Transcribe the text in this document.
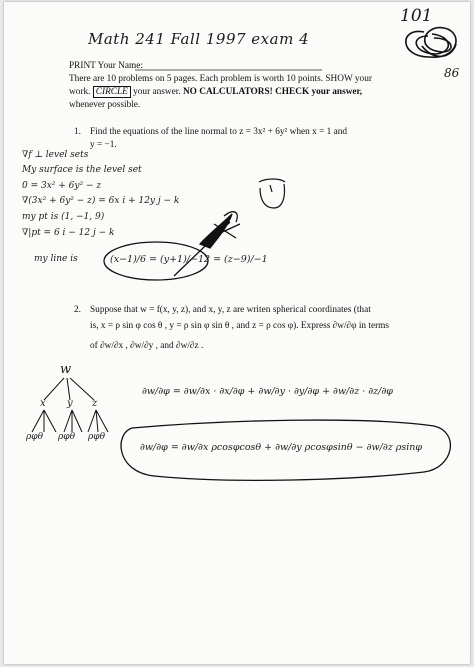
Math 241 Fall 1997 exam 4
101
86
PRINT Your Name:
There are 10 problems on 5 pages. Each problem is worth 10 points. SHOW your
work. CIRCLE your answer. NO CALCULATORS! CHECK your answer,
whenever possible.
1. Find the equations of the line normal to z = 3x² + 6y² when x = 1 and
y = −1.
∇f ⊥ level sets
My surface is the level set
0 = 3x² + 6y² − z
∇(3x² + 6y² − z) = 6x i + 12y j − k
my pt is (1, −1, 9)
∇|pt = 6 i − 12 j − k
my line is	(x−1)/6 = (y+1)/−12 = (z−9)/−1
2. Suppose that w = f(x, y, z), and x, y, z are writen spherical coordinates (that
is, x = ρ sin φ cos θ , y = ρ sin φ sin θ , and z = ρ cos φ). Express ∂w/∂φ in terms
of ∂w/∂x , ∂w/∂y , and ∂w/∂z .
w
x y z
ρφθ ρφθ ρφθ
∂w/∂φ = ∂w/∂x · ∂x/∂φ + ∂w/∂y · ∂y/∂φ + ∂w/∂z · ∂z/∂φ
∂w/∂φ = ∂w/∂x ρcosφcosθ + ∂w/∂y ρcosφsinθ − ∂w/∂z ρsinφ
